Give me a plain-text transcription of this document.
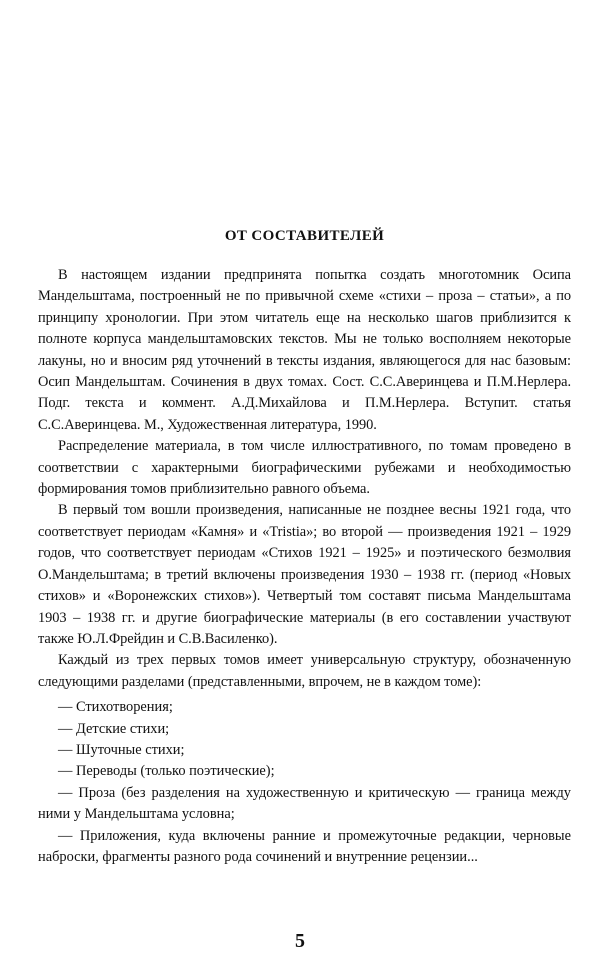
ОТ СОСТАВИТЕЛЕЙ

В настоящем издании предпринята попытка создать многотомник Осипа Мандельштама, построенный не по привычной схеме «стихи – проза – статьи», а по принципу хронологии. При этом читатель еще на несколько шагов приблизится к полноте корпуса мандельштамовских текстов. Мы не только восполняем некоторые лакуны, но и вносим ряд уточнений в тексты издания, являющегося для нас базовым: Осип Мандельштам. Сочинения в двух томах. Сост. С.С.Аверинцева и П.М.Нерлера. Подг. текста и коммент. А.Д.Михайлова и П.М.Нерлера. Вступит. статья С.С.Аверинцева. М., Художественная литература, 1990.

Распределение материала, в том числе иллюстративного, по томам проведено в соответствии с характерными биографическими рубежами и необходимостью формирования томов приблизительно равного объема.

В первый том вошли произведения, написанные не позднее весны 1921 года, что соответствует периодам «Камня» и «Tristia»; во второй — произведения 1921 – 1929 годов, что соответствует периодам «Стихов 1921 – 1925» и поэтического безмолвия О.Мандельштама; в третий включены произведения 1930 – 1938 гг. (период «Новых стихов» и «Воронежских стихов»). Четвертый том составят письма Мандельштама 1903 – 1938 гг. и другие биографические материалы (в его составлении участвуют также Ю.Л.Фрейдин и С.В.Василенко).

Каждый из трех первых томов имеет универсальную структуру, обозначенную следующими разделами (представленными, впрочем, не в каждом томе):

— Стихотворения;
— Детские стихи;
— Шуточные стихи;
— Переводы (только поэтические);
— Проза (без разделения на художественную и критическую — граница между ними у Мандельштама условна;
— Приложения, куда включены ранние и промежуточные редакции, черновые наброски, фрагменты разного рода сочинений и внутренние рецензии...
5
